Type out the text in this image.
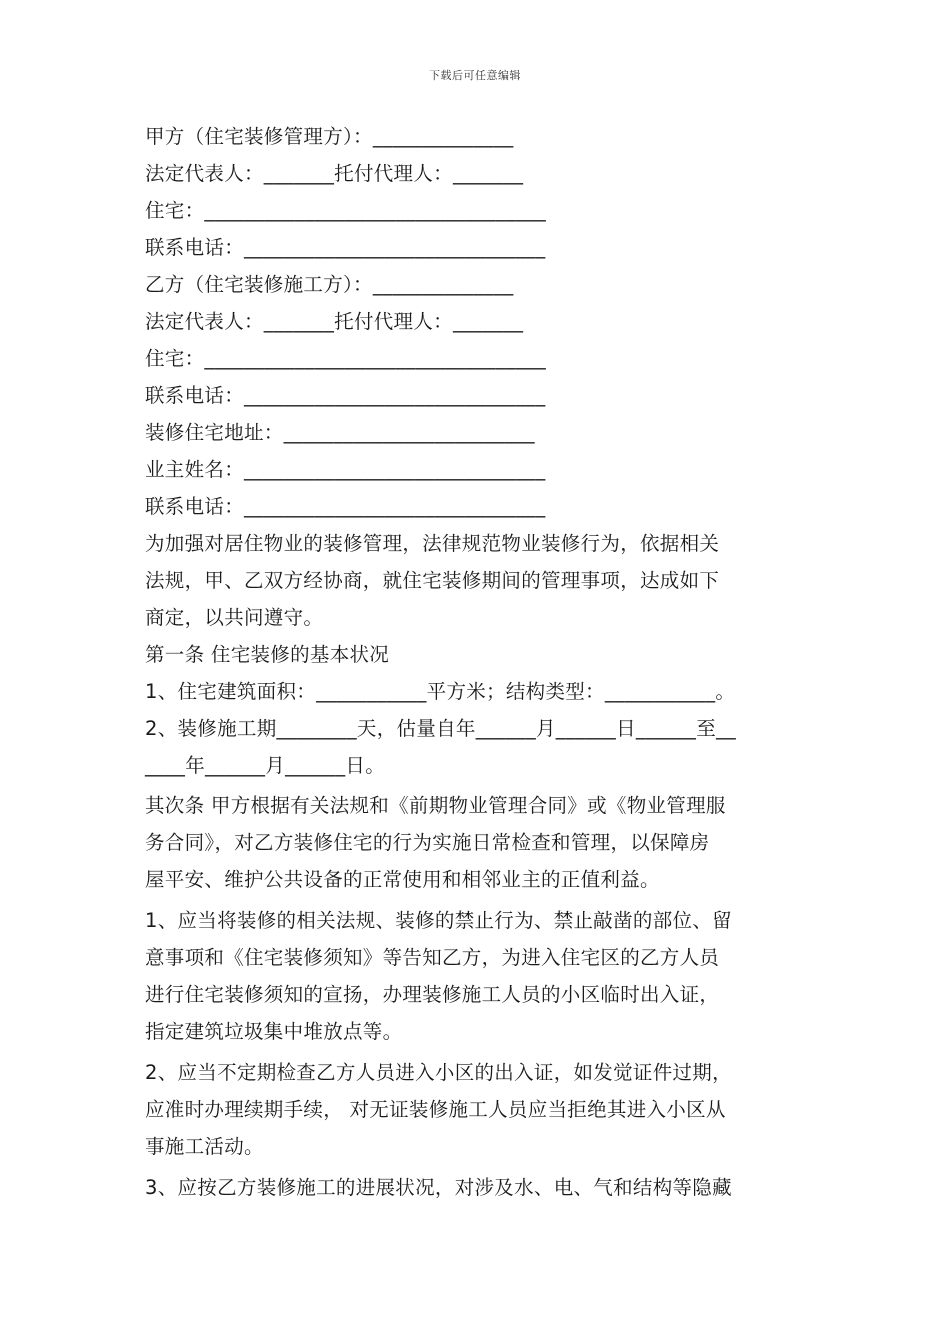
下载后可任意编辑
甲方（住宅装修管理方）：______________
法定代表人：_______托付代理人：_______
住宅：__________________________________
联系电话：______________________________
乙方（住宅装修施工方）：______________
法定代表人：_______托付代理人：_______
住宅：__________________________________
联系电话：______________________________
装修住宅地址：_________________________
业主姓名：______________________________
联系电话：______________________________
为加强对居住物业的装修管理，法律规范物业装修行为，依据相关
法规，甲、乙双方经协商，就住宅装修期间的管理事项，达成如下
商定，以共问遵守。
第一条 住宅装修的基本状况
1、住宅建筑面积：___________平方米；结构类型：___________。
2、装修施工期________天，估量自年______月______日______至__
____年______月______日。
其次条 甲方根据有关法规和《前期物业管理合同》或《物业管理服
务合同》，对乙方装修住宅的行为实施日常检查和管理，以保障房
屋平安、维护公共设备的正常使用和相邻业主的正值利益。
1、应当将装修的相关法规、装修的禁止行为、禁止敲凿的部位、留
意事项和《住宅装修须知》等告知乙方，为进入住宅区的乙方人员
进行住宅装修须知的宣扬，办理装修施工人员的小区临时出入证，
指定建筑垃圾集中堆放点等。
2、应当不定期检查乙方人员进入小区的出入证，如发觉证件过期，
应准时办理续期手续， 对无证装修施工人员应当拒绝其进入小区从
事施工活动。
3、应按乙方装修施工的进展状况，对涉及水、电、气和结构等隐藏
